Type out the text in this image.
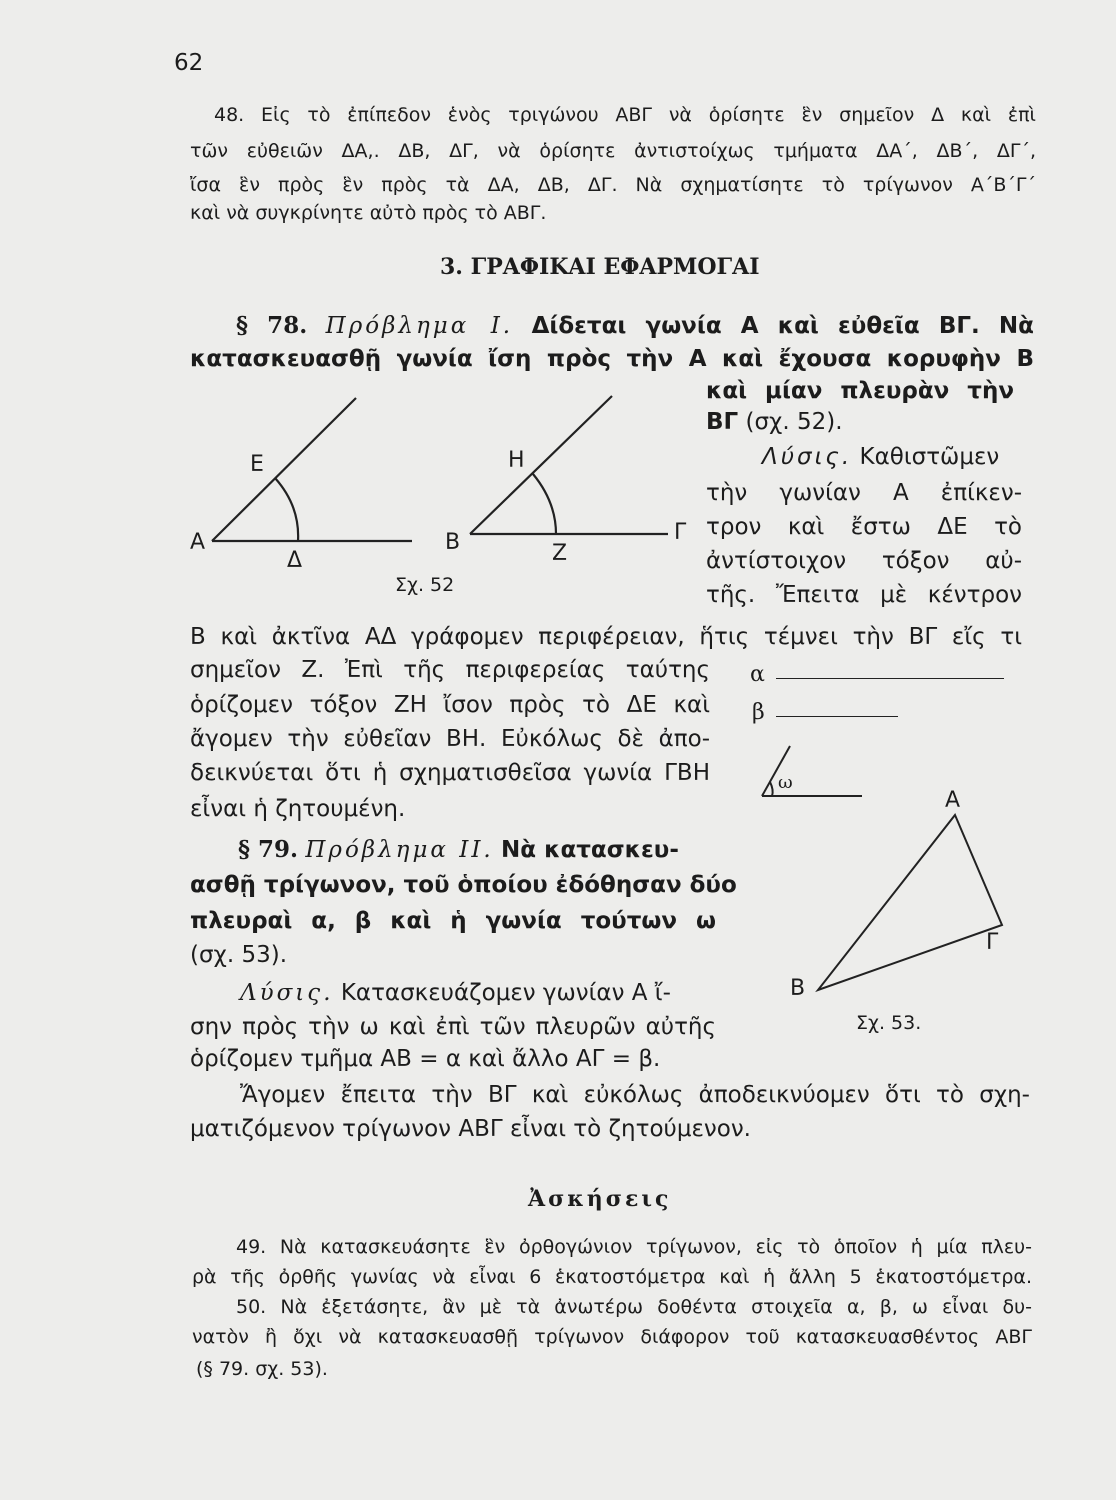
62
48. Εἰς τὸ ἐπίπεδον ἑνὸς τριγώνου ΑΒΓ νὰ ὁρίσητε ἓν σημεῖον Δ καὶ ἐπὶ
τῶν εὐθειῶν ΔΑ,. ΔΒ, ΔΓ, νὰ ὁρίσητε ἀντιστοίχως τμήματα ΔΑ΄, ΔΒ΄, ΔΓ΄,
ἴσα ἓν πρὸς ἓν πρὸς τὰ ΔΑ, ΔΒ, ΔΓ. Νὰ σχηματίσητε τὸ τρίγωνον Α΄Β΄Γ΄
καὶ νὰ συγκρίνητε αὐτὸ πρὸς τὸ ΑΒΓ.
3. ΓΡΑΦΙΚΑΙ ΕΦΑΡΜΟΓΑΙ
§ 78. Πρόβλημα Ι. Δίδεται γωνία Α καὶ εὐθεῖα ΒΓ. Νὰ
κατασκευασθῇ γωνία ἴση πρὸς τὴν Α καὶ ἔχουσα κορυφὴν Β
καὶ μίαν πλευρὰν τὴν
ΒΓ (σχ. 52).
Λύσις. Καθιστῶμεν
τὴν γωνίαν Α ἐπίκεν-
τρον καὶ ἔστω ΔΕ τὸ
ἀντίστοιχον τόξον αὐ-
τῆς. Ἔπειτα μὲ κέντρον
Β καὶ ἀκτῖνα ΑΔ γράφομεν περιφέρειαν, ἥτις τέμνει τὴν ΒΓ εἴς τι
σημεῖον Ζ. Ἐπὶ τῆς περιφερείας ταύτης
ὁρίζομεν τόξον ΖΗ ἴσον πρὸς τὸ ΔΕ καὶ
ἄγομεν τὴν εὐθεῖαν ΒΗ. Εὐκόλως δὲ ἀπο-
δεικνύεται ὅτι ἡ σχηματισθεῖσα γωνία ΓΒΗ
εἶναι ἡ ζητουμένη.
Ε
Α
Δ
Η
Β	Ζ
Γ
Σχ. 52
α
β
ω
Α
Γ
Β
Σχ. 53.
§ 79. Πρόβλημα ΙΙ. Νὰ κατασκευ-
ασθῇ τρίγωνον, τοῦ ὁποίου ἐδόθησαν δύο
πλευραὶ α, β καὶ ἡ γωνία τούτων ω
(σχ. 53).
Λύσις. Κατασκευάζομεν γωνίαν Α ἴ-
σην πρὸς τὴν ω καὶ ἐπὶ τῶν πλευρῶν αὐτῆς
ὁρίζομεν τμῆμα ΑΒ = α καὶ ἄλλο ΑΓ = β.
Ἄγομεν ἔπειτα τὴν ΒΓ καὶ εὐκόλως ἀποδεικνύομεν ὅτι τὸ σχη-
ματιζόμενον τρίγωνον ΑΒΓ εἶναι τὸ ζητούμενον.
Ἀσκήσεις
49. Νὰ κατασκευάσητε ἓν ὀρθογώνιον τρίγωνον, εἰς τὸ ὁποῖον ἡ μία πλευ-
ρὰ τῆς ὀρθῆς γωνίας νὰ εἶναι 6 ἑκατοστόμετρα καὶ ἡ ἄλλη 5 ἑκατοστόμετρα.
50. Νὰ ἐξετάσητε, ἂν μὲ τὰ ἀνωτέρω δοθέντα στοιχεῖα α, β, ω εἶναι δυ-
νατὸν ἢ ὄχι νὰ κατασκευασθῇ τρίγωνον διάφορον τοῦ κατασκευασθέντος ΑΒΓ
(§ 79. σχ. 53).
